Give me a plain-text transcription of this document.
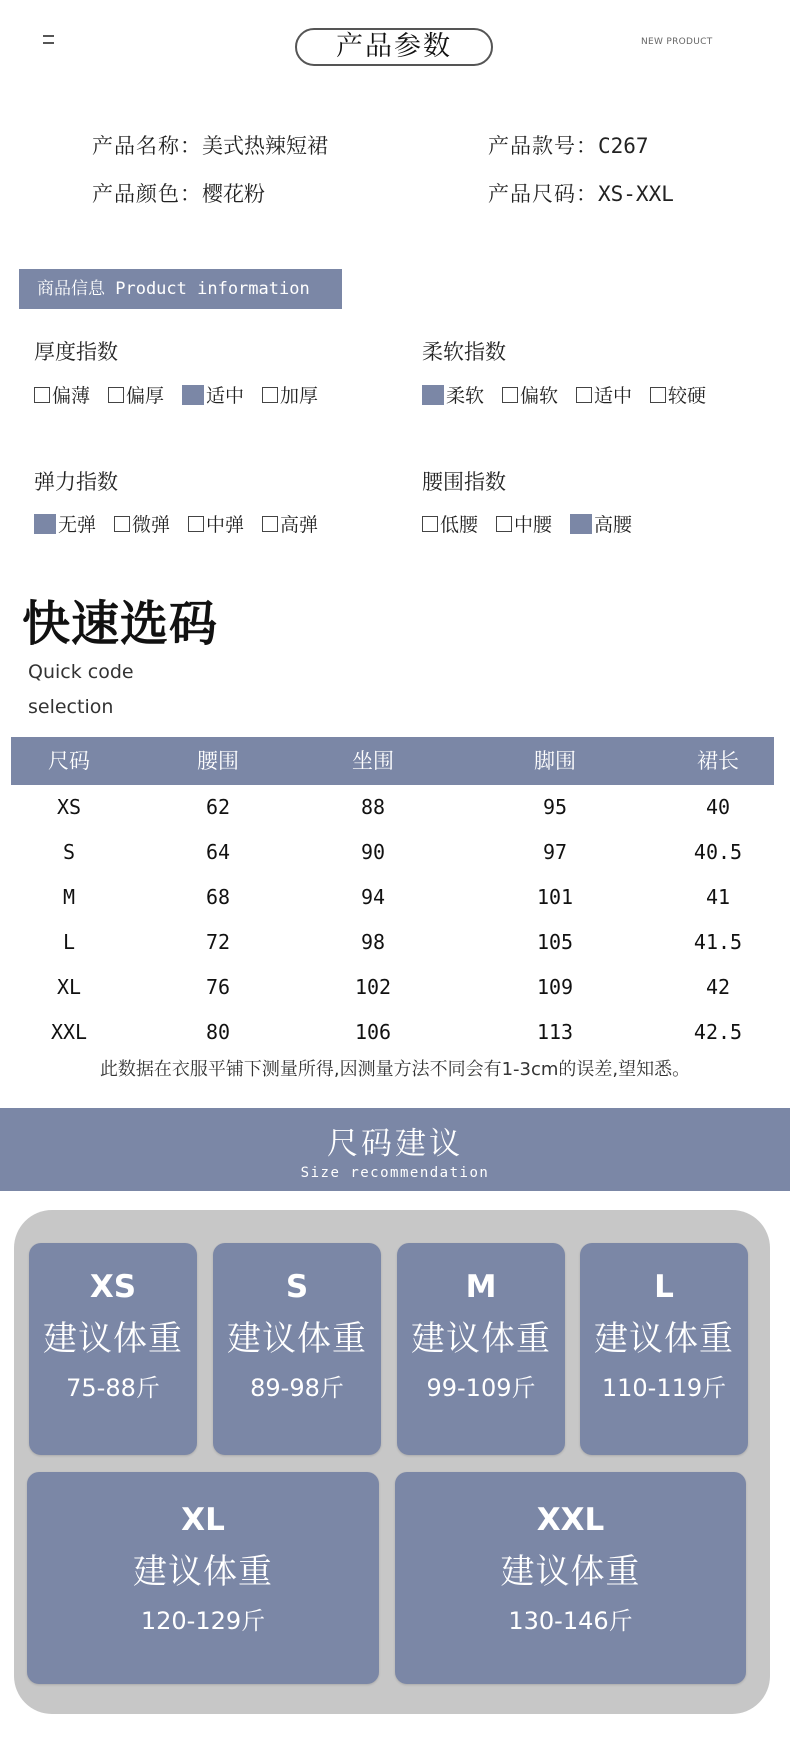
产品参数	NEW PRODUCT
产品名称：美式热辣短裙	产品款号：C267
产品颜色：樱花粉	产品尺码：XS-XXL
商品信息 Product information
厚度指数
偏薄 偏厚 适中 加厚
柔软指数
柔软 偏软 适中 较硬
弹力指数
无弹 微弹 中弹 高弹
腰围指数
低腰 中腰 高腰
快速选码
Quick code
selection
尺码	腰围	坐围	脚围	裙长
XS	62	88	95	40
S	64	90	97	40.5
M	68	94	101	41
L	72	98	105	41.5
XL	76	102	109	42
XXL	80	106	113	42.5
此数据在衣服平铺下测量所得,因测量方法不同会有1-3cm的误差,望知悉。
尺码建议
Size recommendation
XS
建议体重
75-88斤
S
建议体重
89-98斤
M
建议体重
99-109斤
L
建议体重
110-119斤
XL
建议体重
120-129斤
XXL
建议体重
130-146斤
